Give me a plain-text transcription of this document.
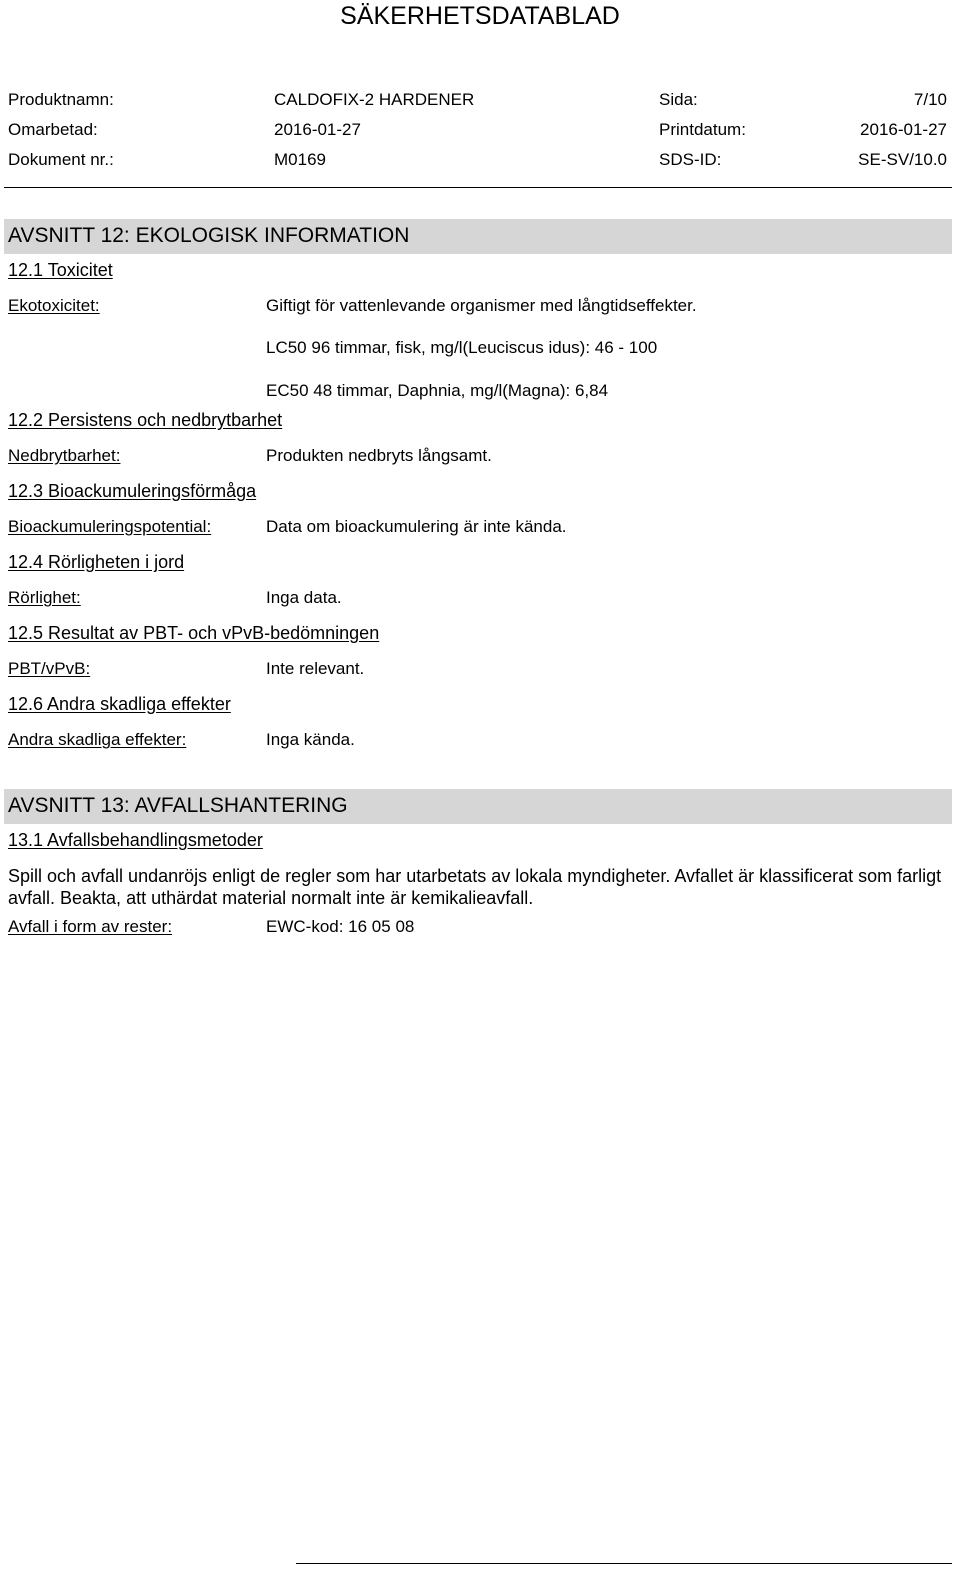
SÄKERHETSDATABLAD
Produktnamn:	CALDOFIX-2 HARDENER	Sida:	7/10
Omarbetad:	2016-01-27	Printdatum:	2016-01-27
Dokument nr.:	M0169	SDS-ID:	SE-SV/10.0
AVSNITT 12: EKOLOGISK INFORMATION
12.1 Toxicitet
Ekotoxicitet:	Giftigt för vattenlevande organismer med långtidseffekter.
LC50 96 timmar, fisk, mg/l(Leuciscus idus): 46 - 100
EC50 48 timmar, Daphnia, mg/l(Magna): 6,84
12.2 Persistens och nedbrytbarhet
Nedbrytbarhet:	Produkten nedbryts långsamt.
12.3 Bioackumuleringsförmåga
Bioackumuleringspotential:	Data om bioackumulering är inte kända.
12.4 Rörligheten i jord
Rörlighet:	Inga data.
12.5 Resultat av PBT- och vPvB-bedömningen
PBT/vPvB:	Inte relevant.
12.6 Andra skadliga effekter
Andra skadliga effekter:	Inga kända.
AVSNITT 13: AVFALLSHANTERING
13.1 Avfallsbehandlingsmetoder
Spill och avfall undanröjs enligt de regler som har utarbetats av lokala myndigheter. Avfallet är klassificerat som farligt avfall. Beakta, att uthärdat material normalt inte är kemikalieavfall.
Avfall i form av rester:	EWC-kod: 16 05 08
